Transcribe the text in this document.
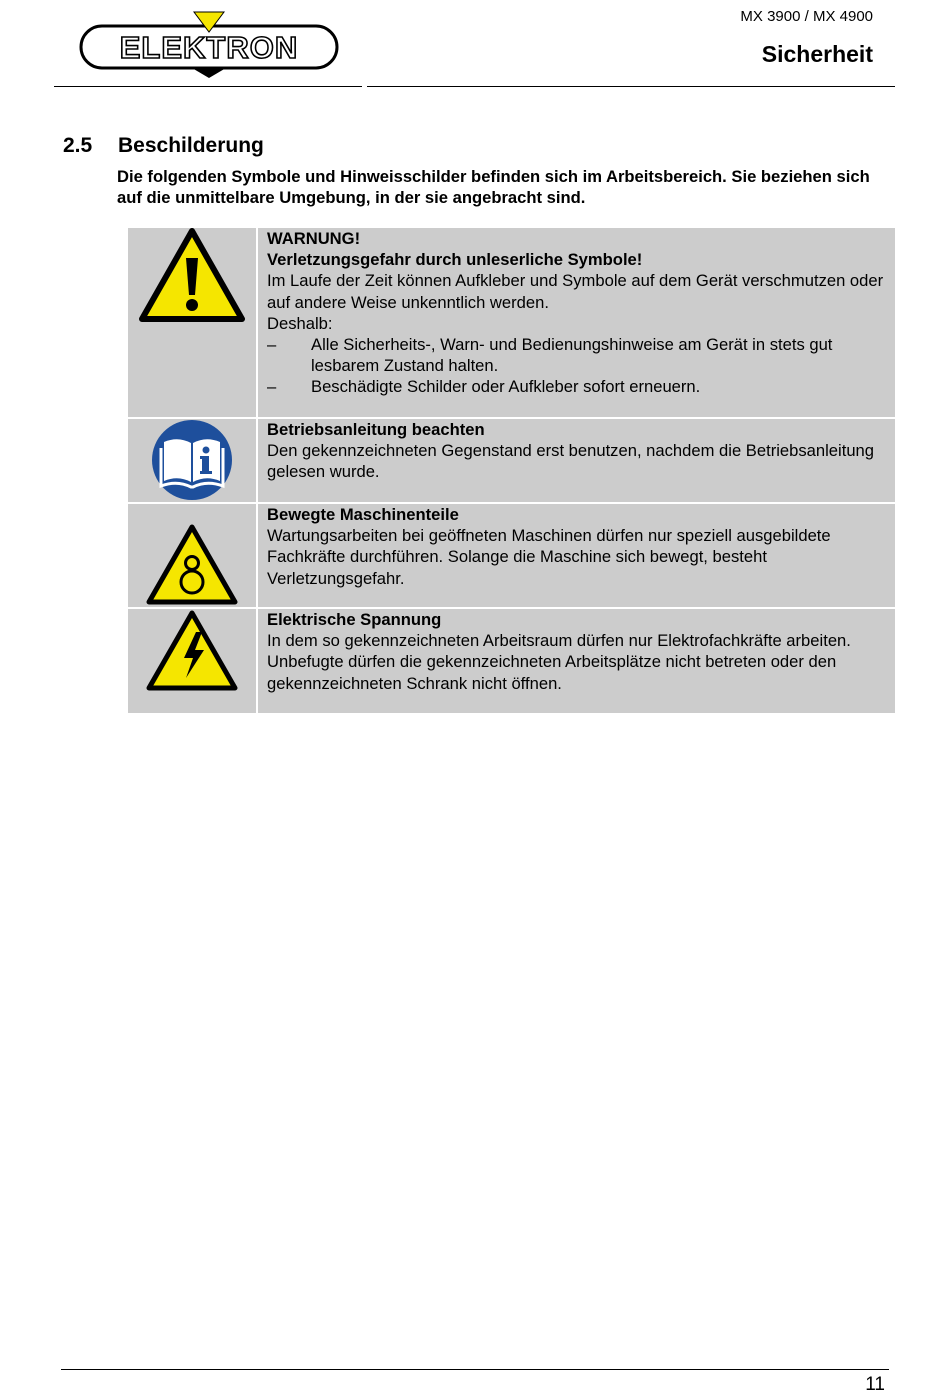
ELEKTRON
MX 3900 / MX 4900
Sicherheit
2.5 Beschilderung
Die folgenden Symbole und Hinweisschilder befinden sich im Arbeitsbereich. Sie beziehen sich auf die unmittelbare Umgebung, in der sie angebracht sind.
WARNUNG!
Verletzungsgefahr durch unleserliche Symbole!
Im Laufe der Zeit können Aufkleber und Symbole auf dem Gerät verschmutzen oder auf andere Weise unkenntlich werden.
Deshalb:
–	Alle Sicherheits-, Warn- und Bedienungshinweise am Gerät in stets gut lesbarem Zustand halten.
–	Beschädigte Schilder oder Aufkleber sofort erneuern.
Betriebsanleitung beachten
Den gekennzeichneten Gegenstand erst benutzen, nachdem die Betriebsanleitung gelesen wurde.
Bewegte Maschinenteile
Wartungsarbeiten bei geöffneten Maschinen dürfen nur speziell ausgebildete Fachkräfte durchführen. Solange die Maschine sich bewegt, besteht Verletzungsgefahr.
Elektrische Spannung
In dem so gekennzeichneten Arbeitsraum dürfen nur Elektrofachkräfte arbeiten.
Unbefugte dürfen die gekennzeichneten Arbeitsplätze nicht betreten oder den gekennzeichneten Schrank nicht öffnen.
11
